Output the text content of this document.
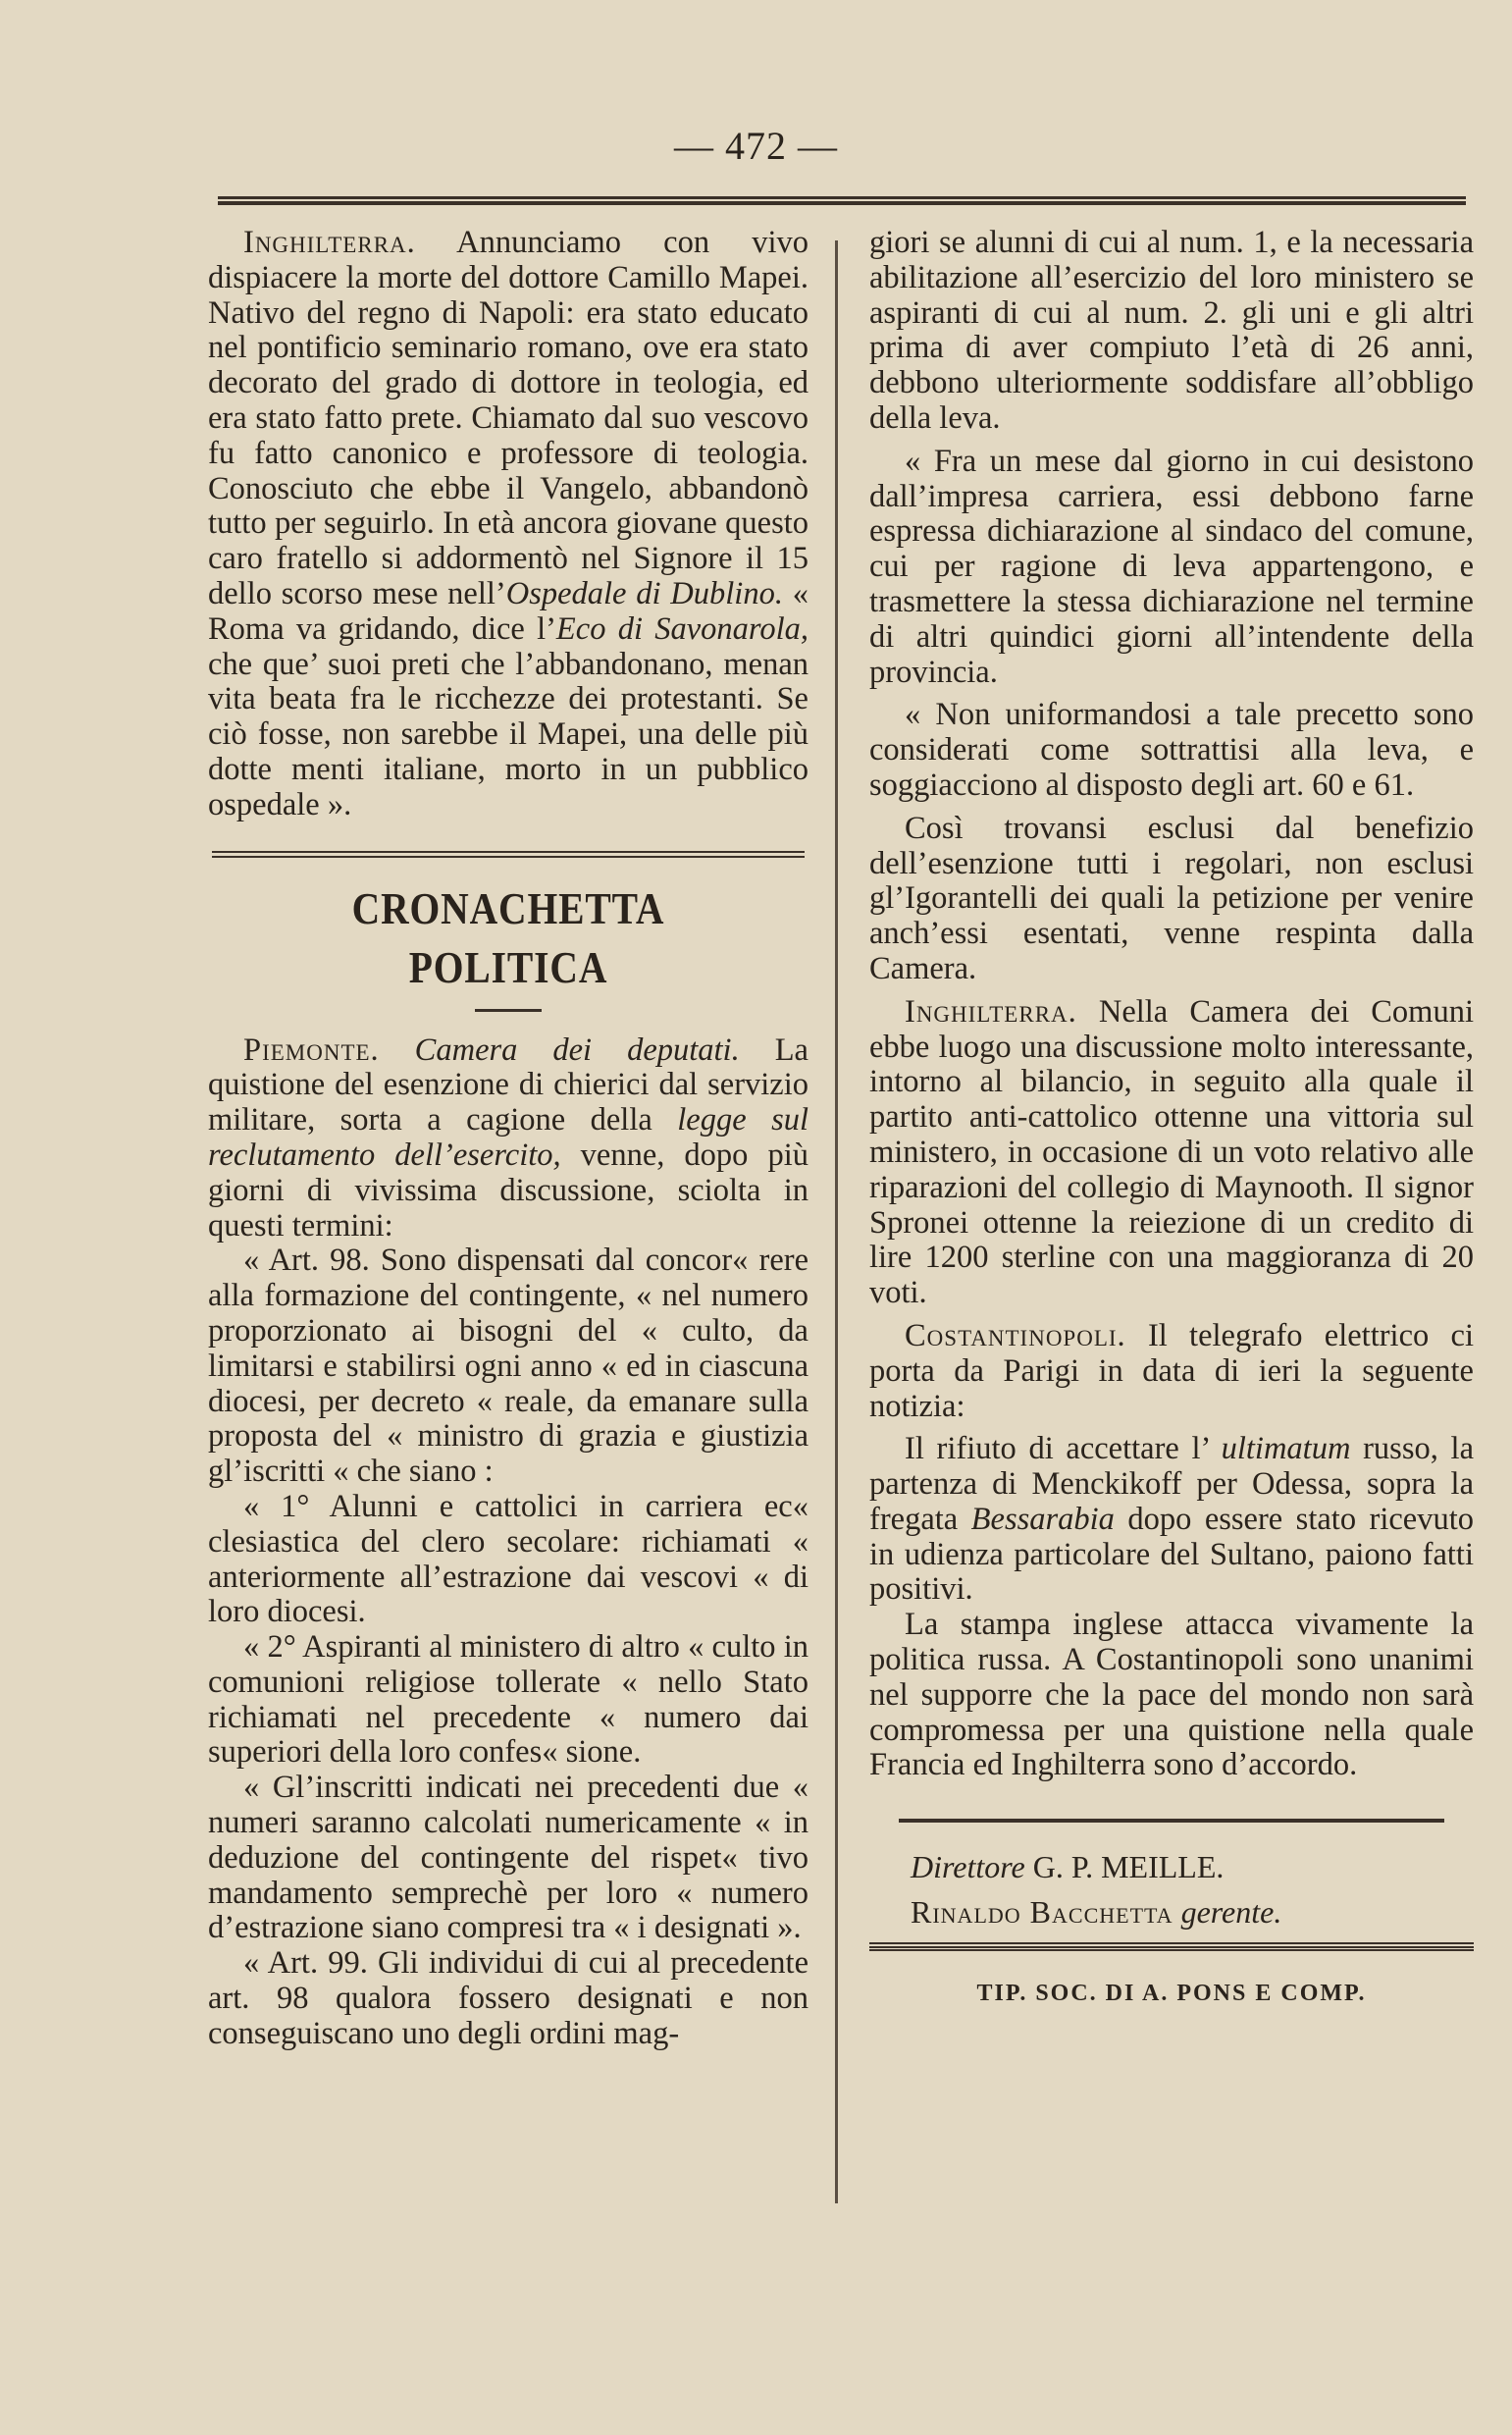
— 472 —

Inghilterra. Annunciamo con vivo dispiacere la morte del dottore Camillo Mapei. Nativo del regno di Napoli: era stato educato nel pontificio seminario romano, ove era stato decorato del grado di dottore in teologia, ed era stato fatto prete. Chiamato dal suo vescovo fu fatto canonico e professore di teologia. Conosciuto che ebbe il Vangelo, abbandonò tutto per seguirlo. In età ancora giovane questo caro fratello si addormentò nel Signore il 15 dello scorso mese nell’Ospedale di Dublino. « Roma va gridando, dice l’Eco di Savonarola, che que’ suoi preti che l’abbandonano, menan vita beata fra le ricchezze dei protestanti. Se ciò fosse, non sarebbe il Mapei, una delle più dotte menti italiane, morto in un pubblico ospedale ».

CRONACHETTA POLITICA

Piemonte. Camera dei deputati. La quistione del esenzione di chierici dal servizio militare, sorta a cagione della legge sul reclutamento dell’esercito, venne, dopo più giorni di vivissima discussione, sciolta in questi termini:

« Art. 98. Sono dispensati dal concor« rere alla formazione del contingente, « nel numero proporzionato ai bisogni del « culto, da limitarsi e stabilirsi ogni anno « ed in ciascuna diocesi, per decreto « reale, da emanare sulla proposta del « ministro di grazia e giustizia gl’iscritti « che siano :

« 1° Alunni e cattolici in carriera ec« clesiastica del clero secolare: richiamati « anteriormente all’estrazione dai vescovi « di loro diocesi.

« 2° Aspiranti al ministero di altro « culto in comunioni religiose tollerate « nello Stato richiamati nel precedente « numero dai superiori della loro confes« sione.

« Gl’inscritti indicati nei precedenti due « numeri saranno calcolati numericamente « in deduzione del contingente del rispet« tivo mandamento semprechè per loro « numero d’estrazione siano compresi tra « i designati ».

« Art. 99. Gli individui di cui al precedente art. 98 qualora fossero designati e non conseguiscano uno degli ordini mag-

giori se alunni di cui al num. 1, e la necessaria abilitazione all’esercizio del loro ministero se aspiranti di cui al num. 2. gli uni e gli altri prima di aver compiuto l’età di 26 anni, debbono ulteriormente soddisfare all’obbligo della leva.

« Fra un mese dal giorno in cui desistono dall’impresa carriera, essi debbono farne espressa dichiarazione al sindaco del comune, cui per ragione di leva appartengono, e trasmettere la stessa dichiarazione nel termine di altri quindici giorni all’intendente della provincia.

« Non uniformandosi a tale precetto sono considerati come sottrattisi alla leva, e soggiacciono al disposto degli art. 60 e 61.

Così trovansi esclusi dal benefizio dell’esenzione tutti i regolari, non esclusi gl’Igorantelli dei quali la petizione per venire anch’essi esentati, venne respinta dalla Camera.

Inghilterra. Nella Camera dei Comuni ebbe luogo una discussione molto interessante, intorno al bilancio, in seguito alla quale il partito anti-cattolico ottenne una vittoria sul ministero, in occasione di un voto relativo alle riparazioni del collegio di Maynooth. Il signor Spronei ottenne la reiezione di un credito di lire 1200 sterline con una maggioranza di 20 voti.

Costantinopoli. Il telegrafo elettrico ci porta da Parigi in data di ieri la seguente notizia:

Il rifiuto di accettare l’ ultimatum russo, la partenza di Menckikoff per Odessa, sopra la fregata Bessarabia dopo essere stato ricevuto in udienza particolare del Sultano, paiono fatti positivi.

La stampa inglese attacca vivamente la politica russa. A Costantinopoli sono unanimi nel supporre che la pace del mondo non sarà compromessa per una quistione nella quale Francia ed Inghilterra sono d’accordo.

Direttore G. P. MEILLE.
Rinaldo Bacchetta gerente.
TIP. SOC. DI A. PONS E COMP.
